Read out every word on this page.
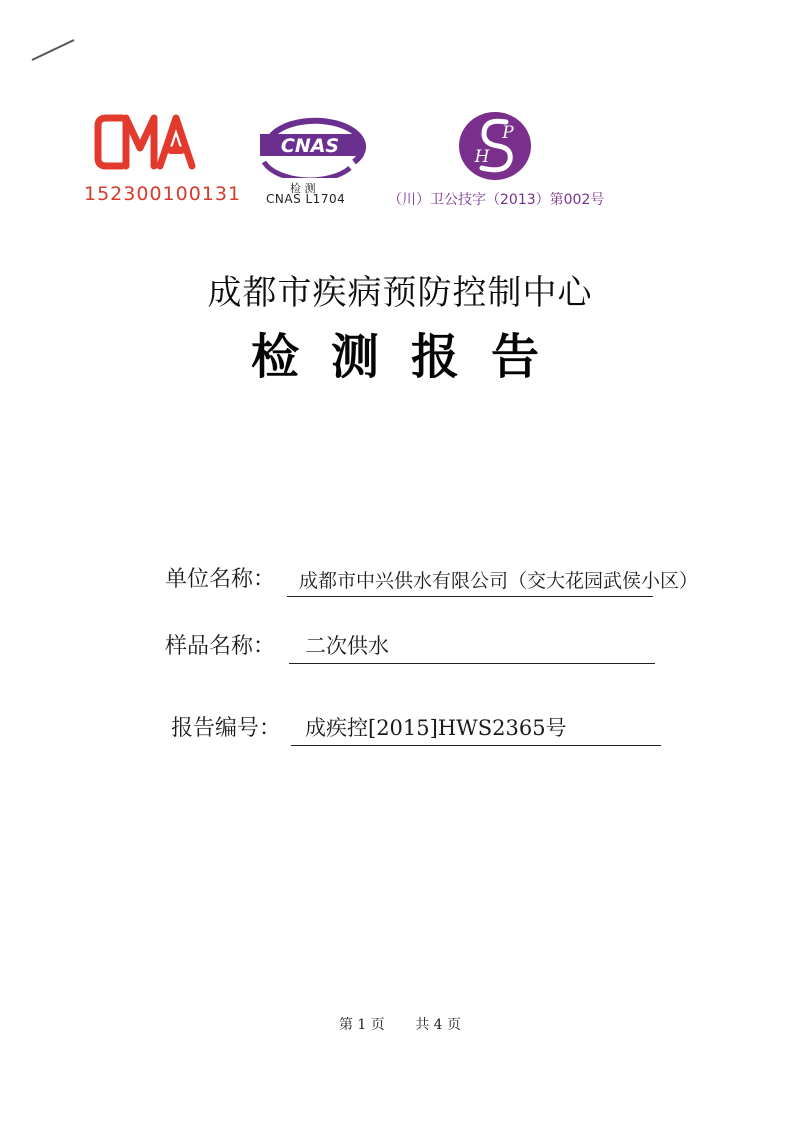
152300100131
CNAS
检 测
CNAS L1704
P
H
（川）卫公技字（2013）第002号
成都市疾病预防控制中心
检测报告
单位名称： 成都市中兴供水有限公司（交大花园武侯小区）
样品名称： 二次供水
报告编号： 成疾控[2015]HWS2365号
第 1 页 共 4 页
